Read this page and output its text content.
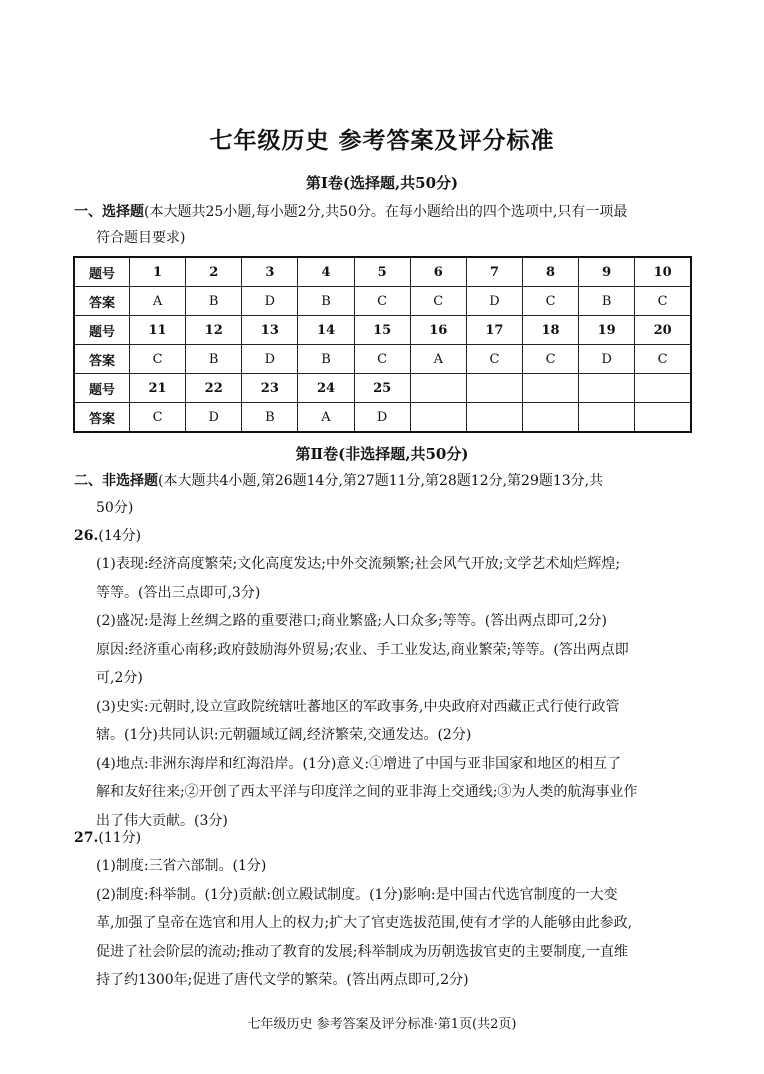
七年级历史 参考答案及评分标准
第Ⅰ卷(选择题,共50分)
一、选择题(本大题共25小题,每小题2分,共50分。在每小题给出的四个选项中,只有一项最
符合题目要求)
题号	1	2	3	4	5	6	7	8	9	10
答案	A	B	D	B	C	C	D	C	B	C
题号	11	12	13	14	15	16	17	18	19	20
答案	C	B	D	B	C	A	C	C	D	C
题号	21	22	23	24	25					
答案	C	D	B	A	D					
第Ⅱ卷(非选择题,共50分)
二、非选择题(本大题共4小题,第26题14分,第27题11分,第28题12分,第29题13分,共
50分)
26.(14分)
(1)表现:经济高度繁荣;文化高度发达;中外交流频繁;社会风气开放;文学艺术灿烂辉煌;
等等。(答出三点即可,3分)
(2)盛况:是海上丝绸之路的重要港口;商业繁盛;人口众多;等等。(答出两点即可,2分)
原因:经济重心南移;政府鼓励海外贸易;农业、手工业发达,商业繁荣;等等。(答出两点即
可,2分)
(3)史实:元朝时,设立宣政院统辖吐蕃地区的军政事务,中央政府对西藏正式行使行政管
辖。(1分)共同认识:元朝疆域辽阔,经济繁荣,交通发达。(2分)
(4)地点:非洲东海岸和红海沿岸。(1分)意义:①增进了中国与亚非国家和地区的相互了
解和友好往来;②开创了西太平洋与印度洋之间的亚非海上交通线;③为人类的航海事业作
出了伟大贡献。(3分)
27.(11分)
(1)制度:三省六部制。(1分)
(2)制度:科举制。(1分)贡献:创立殿试制度。(1分)影响:是中国古代选官制度的一大变
革,加强了皇帝在选官和用人上的权力;扩大了官吏选拔范围,使有才学的人能够由此参政,
促进了社会阶层的流动;推动了教育的发展;科举制成为历朝选拔官吏的主要制度,一直维
持了约1300年;促进了唐代文学的繁荣。(答出两点即可,2分)
七年级历史 参考答案及评分标准·第1页(共2页)
